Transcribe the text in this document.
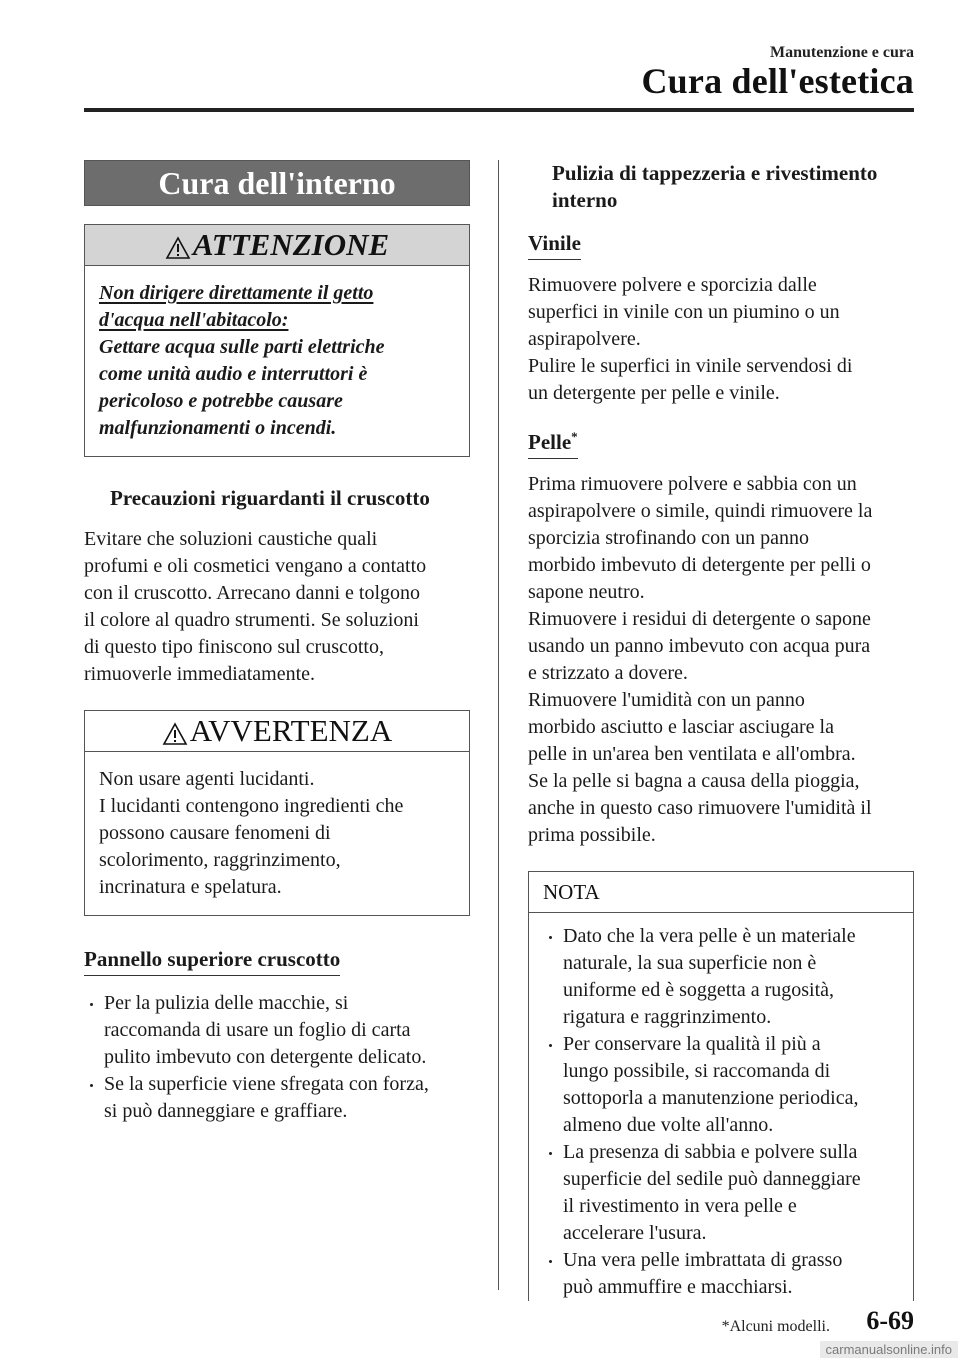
Manutenzione e cura
Cura dell'estetica
Cura dell'interno
ATTENZIONE
Non dirigere direttamente il getto
d'acqua nell'abitacolo:
Gettare acqua sulle parti elettriche
come unità audio e interruttori è
pericoloso e potrebbe causare
malfunzionamenti o incendi.
Precauzioni riguardanti il cruscotto
Evitare che soluzioni caustiche quali
profumi e oli cosmetici vengano a contatto
con il cruscotto. Arrecano danni e tolgono
il colore al quadro strumenti. Se soluzioni
di questo tipo finiscono sul cruscotto,
rimuoverle immediatamente.
AVVERTENZA
Non usare agenti lucidanti.
I lucidanti contengono ingredienti che
possono causare fenomeni di
scolorimento, raggrinzimento,
incrinatura e spelatura.
Pannello superiore cruscotto
Per la pulizia delle macchie, si
raccomanda di usare un foglio di carta
pulito imbevuto con detergente delicato.
Se la superficie viene sfregata con forza,
si può danneggiare e graffiare.
Pulizia di tappezzeria e rivestimento
interno
Vinile
Rimuovere polvere e sporcizia dalle
superfici in vinile con un piumino o un
aspirapolvere.
Pulire le superfici in vinile servendosi di
un detergente per pelle e vinile.
Pelle*
Prima rimuovere polvere e sabbia con un
aspirapolvere o simile, quindi rimuovere la
sporcizia strofinando con un panno
morbido imbevuto di detergente per pelli o
sapone neutro.
Rimuovere i residui di detergente o sapone
usando un panno imbevuto con acqua pura
e strizzato a dovere.
Rimuovere l'umidità con un panno
morbido asciutto e lasciar asciugare la
pelle in un'area ben ventilata e all'ombra.
Se la pelle si bagna a causa della pioggia,
anche in questo caso rimuovere l'umidità il
prima possibile.
NOTA
Dato che la vera pelle è un materiale
naturale, la sua superficie non è
uniforme ed è soggetta a rugosità,
rigatura e raggrinzimento.
Per conservare la qualità il più a
lungo possibile, si raccomanda di
sottoporla a manutenzione periodica,
almeno due volte all'anno.
La presenza di sabbia e polvere sulla
superficie del sedile può danneggiare
il rivestimento in vera pelle e
accelerare l'usura.
Una vera pelle imbrattata di grasso
può ammuffire e macchiarsi.
*Alcuni modelli. 6-69
carmanualsonline.info
